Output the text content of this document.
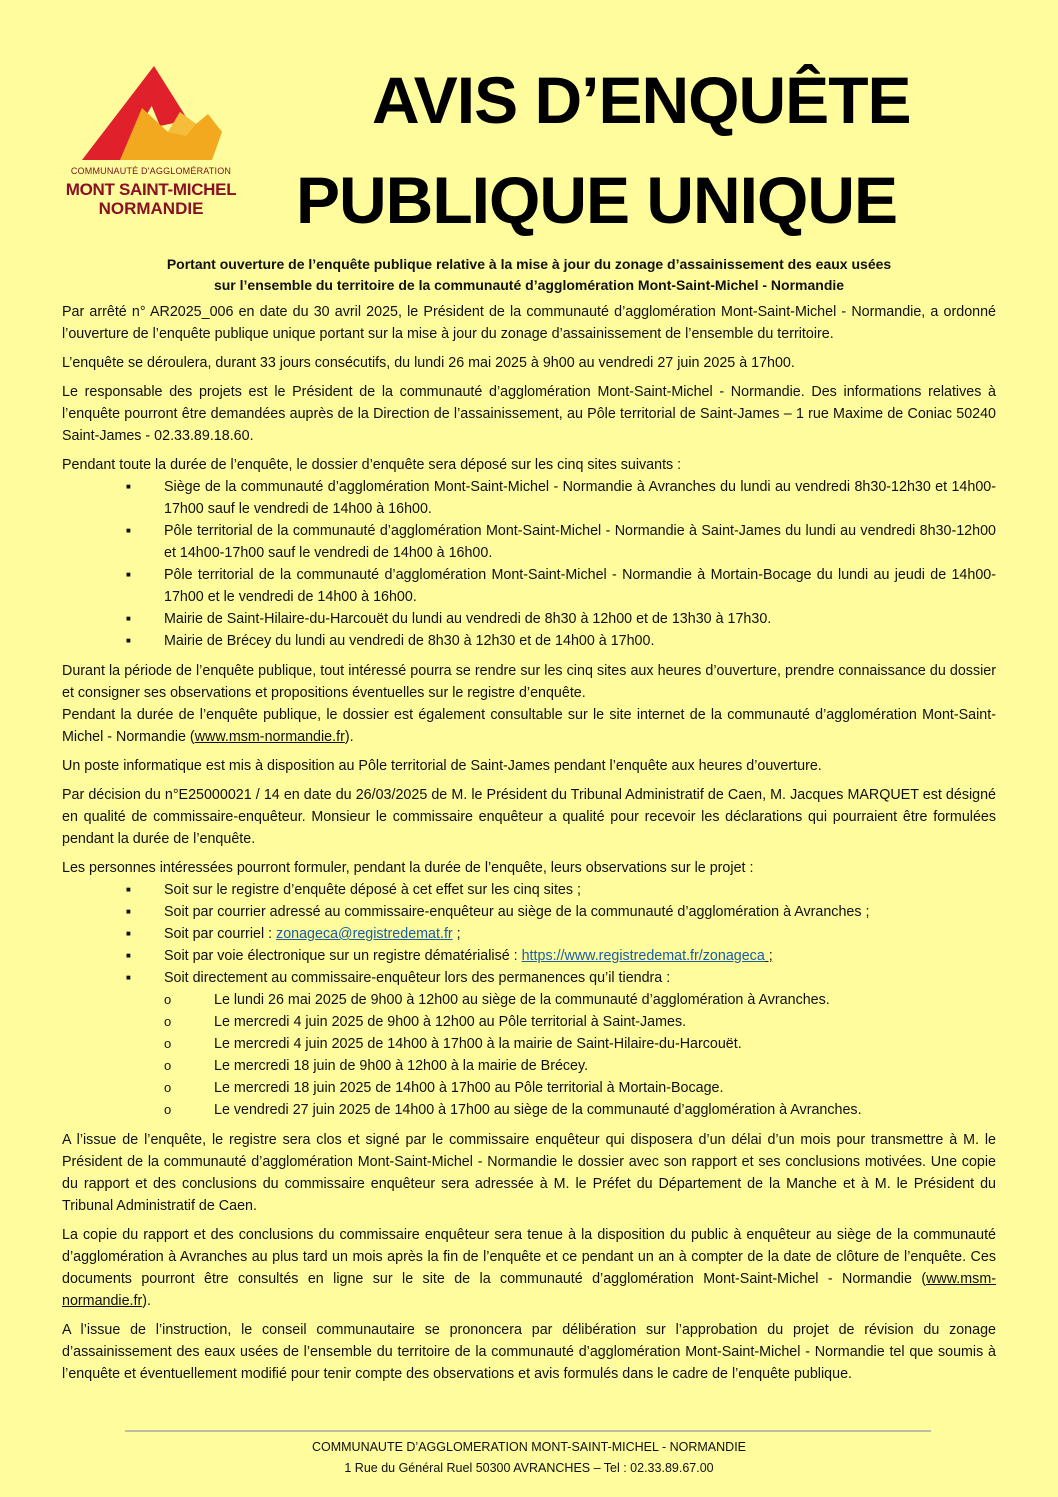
COMMUNAUTÉ D'AGGLOMÉRATION
MONT SAINT-MICHEL
NORMANDIE
AVIS D’ENQUÊTE
PUBLIQUE UNIQUE
Portant ouverture de l’enquête publique relative à la mise à jour du zonage d’assainissement des eaux usées
sur l’ensemble du territoire de la communauté d’agglomération Mont-Saint-Michel - Normandie

Par arrêté n° AR2025_006 en date du 30 avril 2025, le Président de la communauté d’agglomération Mont-Saint-Michel - Normandie, a ordonné l’ouverture de l’enquête publique unique portant sur la mise à jour du zonage d’assainissement de l’ensemble du territoire.

L’enquête se déroulera, durant 33 jours consécutifs, du lundi 26 mai 2025 à 9h00 au vendredi 27 juin 2025 à 17h00.

Le responsable des projets est le Président de la communauté d’agglomération Mont-Saint-Michel - Normandie. Des informations relatives à l’enquête pourront être demandées auprès de la Direction de l’assainissement, au Pôle territorial de Saint-James – 1 rue Maxime de Coniac 50240 Saint-James - 02.33.89.18.60.

Pendant toute la durée de l’enquête, le dossier d’enquête sera déposé sur les cinq sites suivants :

■ Siège de la communauté d’agglomération Mont-Saint-Michel - Normandie à Avranches du lundi au vendredi 8h30-12h30 et 14h00-17h00 sauf le vendredi de 14h00 à 16h00.
■ Pôle territorial de la communauté d’agglomération Mont-Saint-Michel - Normandie à Saint-James du lundi au vendredi 8h30-12h00 et 14h00-17h00 sauf le vendredi de 14h00 à 16h00.
■ Pôle territorial de la communauté d’agglomération Mont-Saint-Michel - Normandie à Mortain-Bocage du lundi au jeudi de 14h00-17h00 et le vendredi de 14h00 à 16h00.
■ Mairie de Saint-Hilaire-du-Harcouët du lundi au vendredi de 8h30 à 12h00 et de 13h30 à 17h30.
■ Mairie de Brécey du lundi au vendredi de 8h30 à 12h30 et de 14h00 à 17h00.

Durant la période de l’enquête publique, tout intéressé pourra se rendre sur les cinq sites aux heures d’ouverture, prendre connaissance du dossier et consigner ses observations et propositions éventuelles sur le registre d’enquête.

Pendant la durée de l’enquête publique, le dossier est également consultable sur le site internet de la communauté d’agglomération Mont-Saint-Michel - Normandie (www.msm-normandie.fr).

Un poste informatique est mis à disposition au Pôle territorial de Saint-James pendant l’enquête aux heures d’ouverture.

Par décision du n°E25000021 / 14 en date du 26/03/2025 de M. le Président du Tribunal Administratif de Caen, M. Jacques MARQUET est désigné en qualité de commissaire-enquêteur. Monsieur le commissaire enquêteur a qualité pour recevoir les déclarations qui pourraient être formulées pendant la durée de l’enquête.

Les personnes intéressées pourront formuler, pendant la durée de l’enquête, leurs observations sur le projet :

■ Soit sur le registre d’enquête déposé à cet effet sur les cinq sites ;
■ Soit par courrier adressé au commissaire-enquêteur au siège de la communauté d’agglomération à Avranches ;
■ Soit par courriel : zonageca@registredemat.fr ;
■ Soit par voie électronique sur un registre dématérialisé : https://www.registredemat.fr/zonageca ;
■ Soit directement au commissaire-enquêteur lors des permanences qu’il tiendra :
o Le lundi 26 mai 2025 de 9h00 à 12h00 au siège de la communauté d’agglomération à Avranches.
o Le mercredi 4 juin 2025 de 9h00 à 12h00 au Pôle territorial à Saint-James.
o Le mercredi 4 juin 2025 de 14h00 à 17h00 à la mairie de Saint-Hilaire-du-Harcouët.
o Le mercredi 18 juin de 9h00 à 12h00 à la mairie de Brécey.
o Le mercredi 18 juin 2025 de 14h00 à 17h00 au Pôle territorial à Mortain-Bocage.
o Le vendredi 27 juin 2025 de 14h00 à 17h00 au siège de la communauté d’agglomération à Avranches.

A l’issue de l’enquête, le registre sera clos et signé par le commissaire enquêteur qui disposera d’un délai d’un mois pour transmettre à M. le Président de la communauté d’agglomération Mont-Saint-Michel - Normandie le dossier avec son rapport et ses conclusions motivées. Une copie du rapport et des conclusions du commissaire enquêteur sera adressée à M. le Préfet du Département de la Manche et à M. le Président du Tribunal Administratif de Caen.

La copie du rapport et des conclusions du commissaire enquêteur sera tenue à la disposition du public à enquêteur au siège de la communauté d’agglomération à Avranches au plus tard un mois après la fin de l’enquête et ce pendant un an à compter de la date de clôture de l’enquête. Ces documents pourront être consultés en ligne sur le site de la communauté d’agglomération Mont-Saint-Michel - Normandie (www.msm-normandie.fr).

A l’issue de l’instruction, le conseil communautaire se prononcera par délibération sur l’approbation du projet de révision du zonage d’assainissement des eaux usées de l’ensemble du territoire de la communauté d’agglomération Mont-Saint-Michel - Normandie tel que soumis à l’enquête et éventuellement modifié pour tenir compte des observations et avis formulés dans le cadre de l’enquête publique.

COMMUNAUTE D’AGGLOMERATION MONT-SAINT-MICHEL - NORMANDIE
1 Rue du Général Ruel 50300 AVRANCHES – Tel : 02.33.89.67.00
